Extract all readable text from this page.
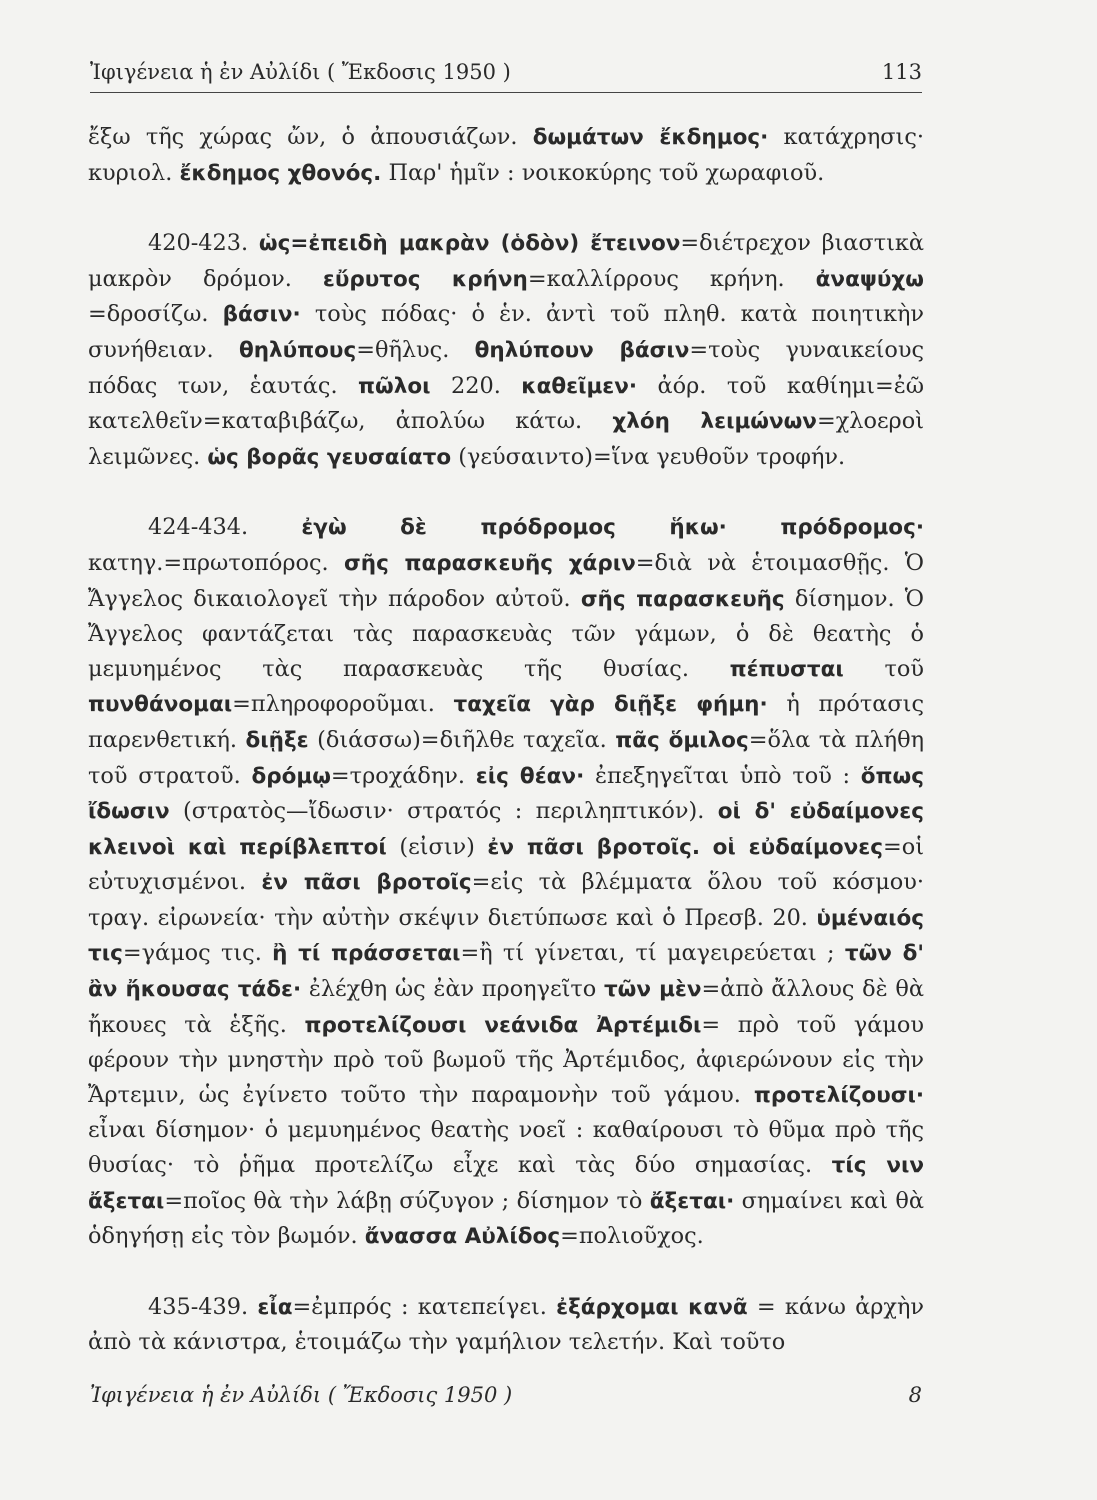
Ἰφιγένεια ἡ ἐν Αὐλίδι ( Ἔκδοσις 1950 )	113

ἔξω τῆς χώρας ὤν, ὁ ἀπουσιάζων. δωμάτων ἔκδημος· κατάχρησις· κυριολ. ἔκδημος χθονός. Παρ' ἡμῖν : νοικοκύρης τοῦ χωραφιοῦ.

420-423. ὡς=ἐπειδὴ μακρὰν (ὁδὸν) ἔτεινον=διέτρεχον βιαστικὰ μακρὸν δρόμον. εὔρυτος κρήνη=καλλίρρους κρήνη. ἀναψύχω =δροσίζω. βάσιν· τοὺς πόδας· ὁ ἑν. ἀντὶ τοῦ πληθ. κατὰ ποιητικὴν συνήθειαν. θηλύπους=θῆλυς. θηλύπουν βάσιν=τοὺς γυναικείους πόδας των, ἑαυτάς. πῶλοι 220. καθεῖμεν· ἀόρ. τοῦ καθίημι=ἐῶ κατελθεῖν=καταβιβάζω, ἀπολύω κάτω. χλόη λειμώνων=χλοεροὶ λειμῶνες. ὡς βορᾶς γευσαίατο (γεύσαιντο)=ἵνα γευθοῦν τροφήν.

424-434. ἐγὼ δὲ πρόδρομος ἥκω· πρόδρομος· κατηγ.=πρωτοπόρος. σῆς παρασκευῆς χάριν=διὰ νὰ ἑτοιμασθῇς. Ὁ Ἄγγελος δικαιολογεῖ τὴν πάροδον αὐτοῦ. σῆς παρασκευῆς δίσημον. Ὁ Ἄγγελος φαντάζεται τὰς παρασκευὰς τῶν γάμων, ὁ δὲ θεατὴς ὁ μεμυημένος τὰς παρασκευὰς τῆς θυσίας. πέπυσται τοῦ πυνθάνομαι=πληροφοροῦμαι. ταχεῖα γὰρ διῇξε φήμη· ἡ πρότασις παρενθετική. διῇξε (διάσσω)=διῆλθε ταχεῖα. πᾶς ὅμιλος=ὅλα τὰ πλήθη τοῦ στρατοῦ. δρόμῳ=τροχάδην. εἰς θέαν· ἐπεξηγεῖται ὑπὸ τοῦ : ὅπως ἴδωσιν (στρατὸς—ἴδωσιν· στρατός : περιληπτικόν). οἱ δ' εὐδαίμονες κλεινοὶ καὶ περίβλεπτοί (εἰσιν) ἐν πᾶσι βροτοῖς. οἱ εὐδαίμονες=οἱ εὐτυχισμένοι. ἐν πᾶσι βροτοῖς=εἰς τὰ βλέμματα ὅλου τοῦ κόσμου· τραγ. εἰρωνεία· τὴν αὐτὴν σκέψιν διετύπωσε καὶ ὁ Πρεσβ. 20. ὑμέναιός τις=γάμος τις. ἢ τί πράσσεται=ἢ τί γίνεται, τί μαγειρεύεται ; τῶν δ' ἂν ἤκουσας τάδε· ἐλέχθη ὡς ἐὰν προηγεῖτο τῶν μὲν=ἀπὸ ἄλλους δὲ θὰ ἤκουες τὰ ἑξῆς. προτελίζουσι νεάνιδα Ἀρτέμιδι= πρὸ τοῦ γάμου φέρουν τὴν μνηστὴν πρὸ τοῦ βωμοῦ τῆς Ἀρτέμιδος, ἀφιερώνουν εἰς τὴν Ἄρτεμιν, ὡς ἐγίνετο τοῦτο τὴν παραμονὴν τοῦ γάμου. προτελίζουσι· εἶναι δίσημον· ὁ μεμυημένος θεατὴς νοεῖ : καθαίρουσι τὸ θῦμα πρὸ τῆς θυσίας· τὸ ῥῆμα προτελίζω εἶχε καὶ τὰς δύο σημασίας. τίς νιν ἄξεται=ποῖος θὰ τὴν λάβῃ σύζυγον ; δίσημον τὸ ἄξεται· σημαίνει καὶ θὰ ὁδηγήσῃ εἰς τὸν βωμόν. ἄνασσα Αὐλίδος=πολιοῦχος.

435-439. εἶα=ἐμπρός : κατεπείγει. ἐξάρχομαι κανᾶ = κάνω ἀρχὴν ἀπὸ τὰ κάνιστρα, ἑτοιμάζω τὴν γαμήλιον τελετήν. Καὶ τοῦτο

Ἰφιγένεια ἡ ἐν Αὐλίδι ( Ἔκδοσις 1950 )	8
